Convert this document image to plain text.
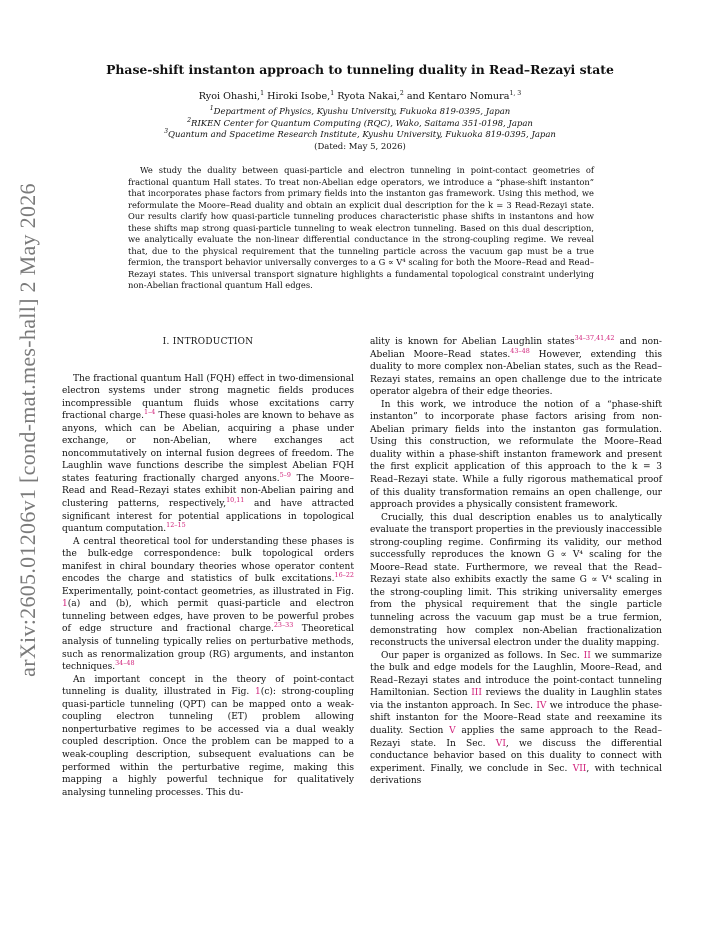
arXiv:2605.01206v1 [cond-mat.mes-hall] 2 May 2026
Phase-shift instanton approach to tunneling duality in Read–Rezayi state
Ryoi Ohashi,$^1$ Hiroki Isobe,$^1$ Ryota Nakai,$^2$ and Kentaro Nomura$^{1, 3}$
$^1$Department of Physics, Kyushu University, Fukuoka 819-0395, Japan
$^2$RIKEN Center for Quantum Computing (RQC), Wako, Saitama 351-0198, Japan
$^3$Quantum and Spacetime Research Institute, Kyushu University, Fukuoka 819-0395, Japan
(Dated: May 5, 2026)

We study the duality between quasi-particle and electron tunneling in point-contact geometries of fractional quantum Hall states. To treat non-Abelian edge operators, we introduce a “phase-shift instanton” that incorporates phase factors from primary fields into the instanton gas framework. Using this method, we reformulate the Moore–Read duality and obtain an explicit dual description for the k = 3 Read-Rezayi state. Our results clarify how quasi-particle tunneling produces characteristic phase shifts in instantons and how these shifts map strong quasi-particle tunneling to weak electron tunneling. Based on this dual description, we analytically evaluate the non-linear differential conductance in the strong-coupling regime. We reveal that, due to the physical requirement that the tunneling particle across the vacuum gap must be a true fermion, the transport behavior universally converges to a G ∝ V⁴ scaling for both the Moore–Read and Read–Rezayi states. This universal transport signature highlights a fundamental topological constraint underlying non-Abelian fractional quantum Hall edges.

I. INTRODUCTION

The fractional quantum Hall (FQH) effect in two-dimensional electron systems under strong magnetic fields produces incompressible quantum fluids whose excitations carry fractional charge.$^{1-4}$ These quasi-holes are known to behave as anyons, which can be Abelian, acquiring a phase under exchange, or non-Abelian, where exchanges act noncommutatively on internal fusion degrees of freedom. The Laughlin wave functions describe the simplest Abelian FQH states featuring fractionally charged anyons.$^{5-9}$ The Moore–Read and Read–Rezayi states exhibit non-Abelian pairing and clustering patterns, respectively,$^{10,11}$ and have attracted significant interest for potential applications in topological quantum computation.$^{12-15}$

A central theoretical tool for understanding these phases is the bulk-edge correspondence: bulk topological orders manifest in chiral boundary theories whose operator content encodes the charge and statistics of bulk excitations.$^{16-22}$ Experimentally, point-contact geometries, as illustrated in Fig. 1(a) and (b), which permit quasi-particle and electron tunneling between edges, have proven to be powerful probes of edge structure and fractional charge.$^{23-33}$ Theoretical analysis of tunneling typically relies on perturbative methods, such as renormalization group (RG) arguments, and instanton techniques.$^{34-48}$

An important concept in the theory of point-contact tunneling is duality, illustrated in Fig. 1(c): strong-coupling quasi-particle tunneling (QPT) can be mapped onto a weak-coupling electron tunneling (ET) problem allowing nonperturbative regimes to be accessed via a dual weakly coupled description. Once the problem can be mapped to a weak-coupling description, subsequent evaluations can be performed within the perturbative regime, making this mapping a highly powerful technique for qualitatively analysing tunneling processes. This du-

ality is known for Abelian Laughlin states$^{34-37,41,42}$ and non-Abelian Moore–Read states.$^{43-48}$ However, extending this duality to more complex non-Abelian states, such as the Read–Rezayi states, remains an open challenge due to the intricate operator algebra of their edge theories.

In this work, we introduce the notion of a “phase-shift instanton” to incorporate phase factors arising from non-Abelian primary fields into the instanton gas formulation. Using this construction, we reformulate the Moore–Read duality within a phase-shift instanton framework and present the first explicit application of this approach to the k = 3 Read–Rezayi state. While a fully rigorous mathematical proof of this duality transformation remains an open challenge, our approach provides a physically consistent framework.

Crucially, this dual description enables us to analytically evaluate the transport properties in the previously inaccessible strong-coupling regime. Confirming its validity, our method successfully reproduces the known G ∝ V⁴ scaling for the Moore–Read state. Furthermore, we reveal that the Read–Rezayi state also exhibits exactly the same G ∝ V⁴ scaling in the strong-coupling limit. This striking universality emerges from the physical requirement that the single particle tunneling across the vacuum gap must be a true fermion, demonstrating how complex non-Abelian fractionalization reconstructs the universal electron under the duality mapping.

Our paper is organized as follows. In Sec. II we summarize the bulk and edge models for the Laughlin, Moore–Read, and Read–Rezayi states and introduce the point-contact tunneling Hamiltonian. Section III reviews the duality in Laughlin states via the instanton approach. In Sec. IV we introduce the phase-shift instanton for the Moore–Read state and reexamine its duality. Section V applies the same approach to the Read–Rezayi state. In Sec. VI, we discuss the differential conductance behavior based on this duality to connect with experiment. Finally, we conclude in Sec. VII, with technical derivations
